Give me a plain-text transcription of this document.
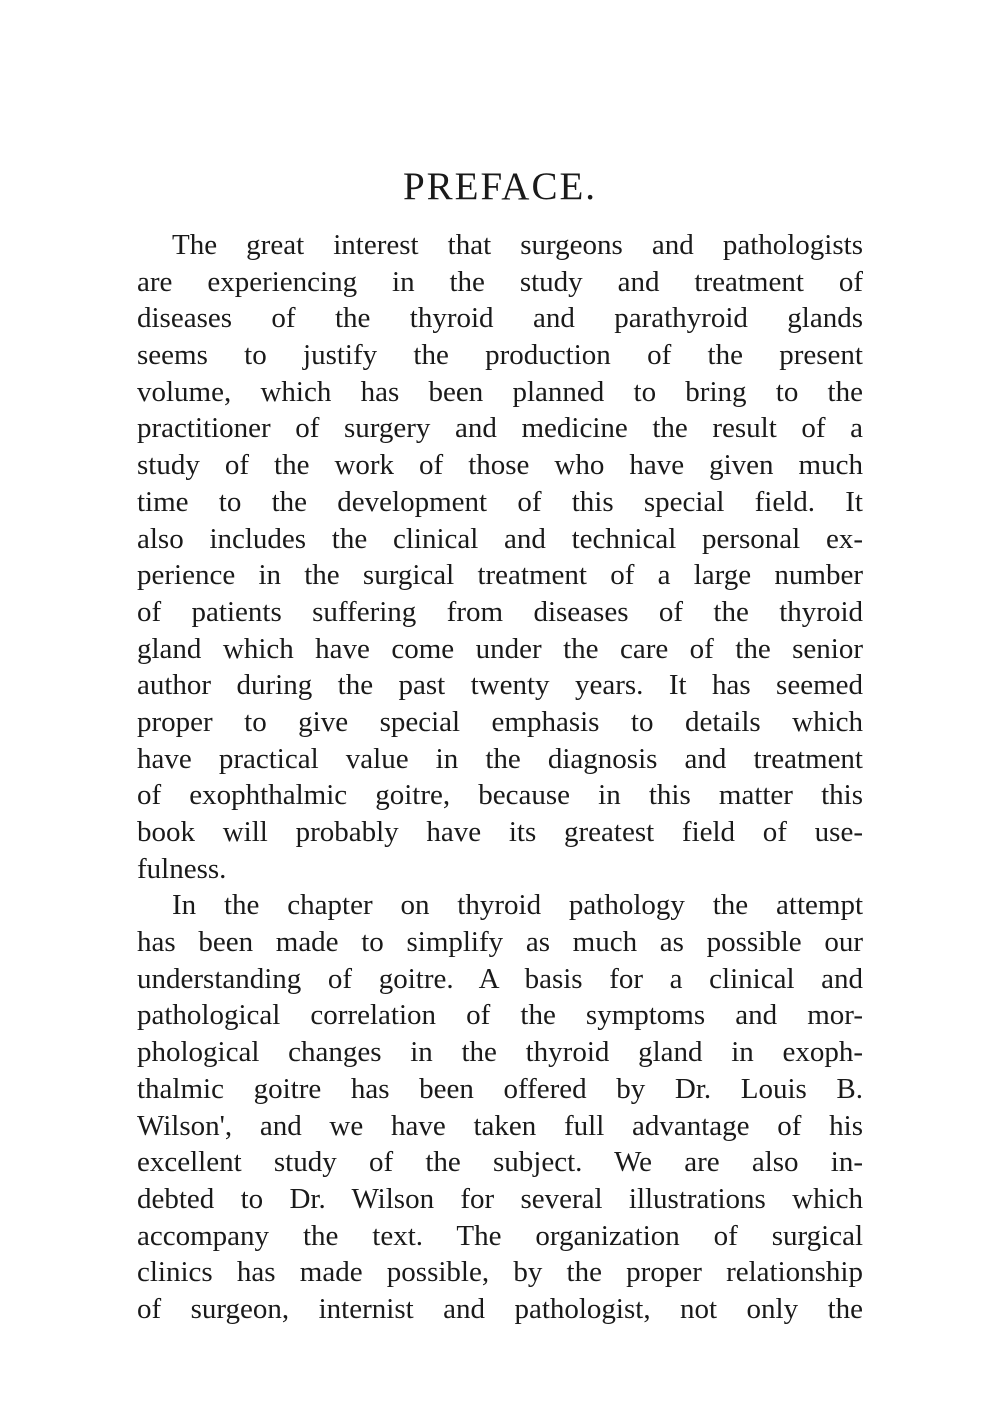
PREFACE.
The great interest that surgeons and pathologists
are experiencing in the study and treatment of
diseases of the thyroid and parathyroid glands
seems to justify the production of the present
volume, which has been planned to bring to the
practitioner of surgery and medicine the result of a
study of the work of those who have given much
time to the development of this special field. It
also includes the clinical and technical personal ex-
perience in the surgical treatment of a large number
of patients suffering from diseases of the thyroid
gland which have come under the care of the senior
author during the past twenty years. It has seemed
proper to give special emphasis to details which
have practical value in the diagnosis and treatment
of exophthalmic goitre, because in this matter this
book will probably have its greatest field of use-
fulness.
In the chapter on thyroid pathology the attempt
has been made to simplify as much as possible our
understanding of goitre. A basis for a clinical and
pathological correlation of the symptoms and mor-
phological changes in the thyroid gland in exoph-
thalmic goitre has been offered by Dr. Louis B.
Wilson', and we have taken full advantage of his
excellent study of the subject. We are also in-
debted to Dr. Wilson for several illustrations which
accompany the text. The organization of surgical
clinics has made possible, by the proper relationship
of surgeon, internist and pathologist, not only the
